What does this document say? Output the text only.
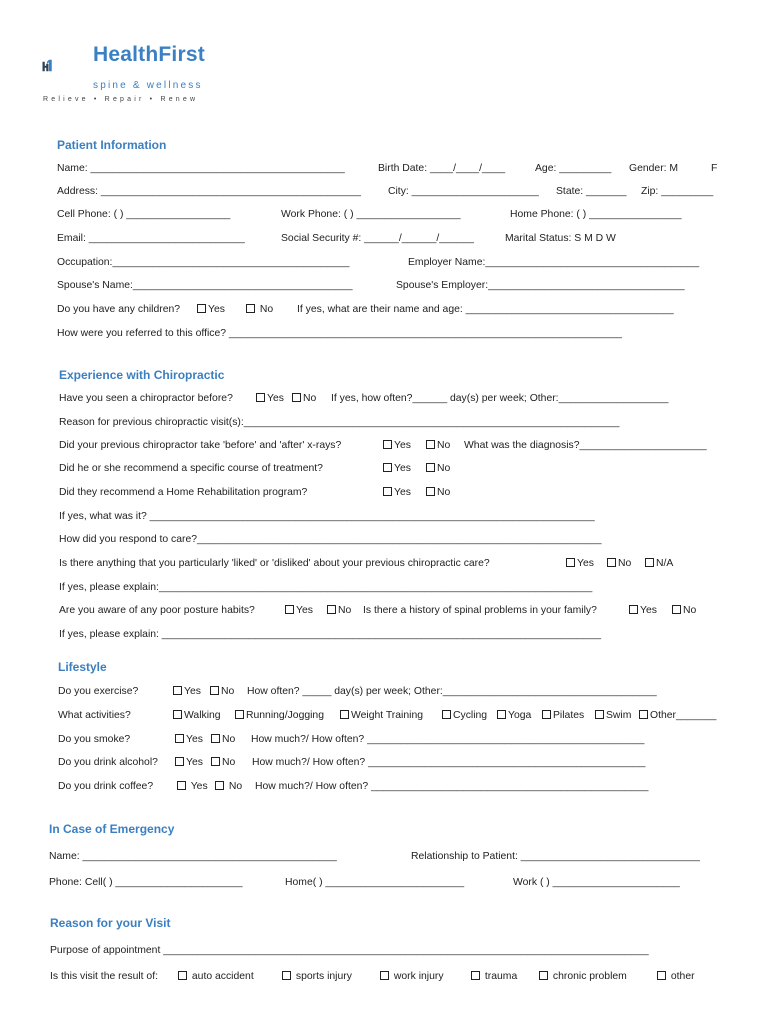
HealthFirst
spine & wellness
Relieve • Repair • Renew
Patient Information
Name: ____________________________________________	Birth Date: ____/____/____	Age: _________ Gender: M	F
Address: _____________________________________________	City: ______________________ State: _______ Zip: _________
Cell Phone: ( ) __________________	Work Phone: ( ) __________________	Home Phone: ( ) ________________
Email: ___________________________	Social Security #: ______/______/______	Marital Status: S M D W
Occupation:_________________________________________	Employer Name:_____________________________________
Spouse's Name:______________________________________	Spouse's Employer:__________________________________
Do you have any children?	Yes	No If yes, what are their name and age: ____________________________________
How were you referred to this office? ____________________________________________________________________
Experience with Chiropractic
Have you seen a chiropractor before?	Yes	No If yes, how often?______ day(s) per week; Other:___________________
Reason for previous chiropractic visit(s):_________________________________________________________________
Did your previous chiropractor take 'before' and 'after' x-rays?	Yes	No What was the diagnosis?______________________
Did he or she recommend a specific course of treatment?	Yes	No
Did they recommend a Home Rehabilitation program?	Yes	No
If yes, what was it? _____________________________________________________________________________
How did you respond to care?______________________________________________________________________
Is there anything that you particularly 'liked' or 'disliked' about your previous chiropractic care?	Yes	No	N/A
If yes, please explain:___________________________________________________________________________
Are you aware of any poor posture habits?	Yes	No Is there a history of spinal problems in your family?	Yes	No
If yes, please explain: ____________________________________________________________________________
Lifestyle
Do you exercise?	Yes	No How often? _____ day(s) per week; Other:_____________________________________
What activities?	Walking	Running/Jogging	Weight Training	Cycling	Yoga	Pilates	Swim	Other_______
Do you smoke?	Yes	No How much?/ How often? ________________________________________________
Do you drink alcohol?	Yes	No How much?/ How often? ________________________________________________
Do you drink coffee?	Yes	No How much?/ How often? ________________________________________________
In Case of Emergency
Name: ____________________________________________	Relationship to Patient: _______________________________
Phone: Cell( ) ______________________	Home( ) ________________________	Work ( ) ______________________
Reason for your Visit
Purpose of appointment ____________________________________________________________________________________
Is this visit the result of:	auto accident	sports injury	work injury	trauma	chronic problem	other
